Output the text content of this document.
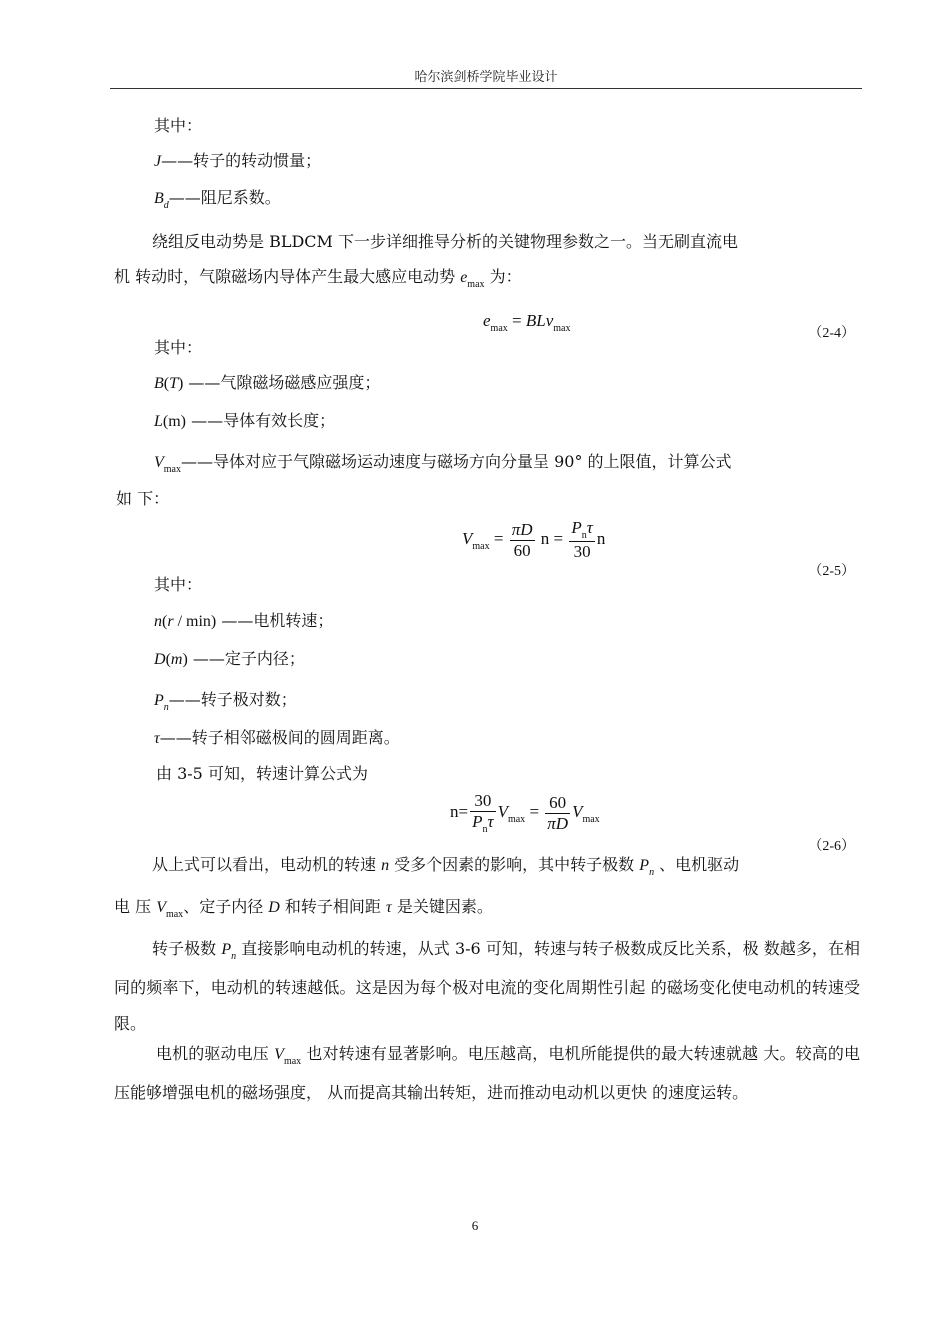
哈尔滨剑桥学院毕业设计
其中：
J——转子的转动惯量；
$B_d——$阻尼系数。
绕组反电动势是 BLDCM 下一步详细推导分析的关键物理参数之一。当无刷直流电
机 转动时，气隙磁场内导体产生最大感应电动势 $e_{max}$ 为：
$e_{max} = BLv_{max}$	（2-4）
其中：
B(T) ——气隙磁场磁感应强度；
L(m) ——导体有效长度；
$V_{max}——$导体对应于气隙磁场运动速度与磁场方向分量呈 90° 的上限值，计算公式
如 下：
$V_{max} = \frac{\pi D}{60}$ $n = \frac{P_n\tau}{30}$ n
（2-5）
其中：
n(r / min) ——电机转速；
D(m) ——定子内径；
$P_n——$转子极对数；
τ——转子相邻磁极间的圆周距离。
由 3-5 可知，转速计算公式为
$n= \frac{30}{P_n\tau} V_{max} = \frac{60}{\pi D} V_{max}$
（2-6）
从上式可以看出，电动机的转速 n 受多个因素的影响，其中转子极数 $P_n$ 、电机驱动
电 压 $V_{max}$、定子内径 D 和转子相间距 τ 是关键因素。
转子极数 $P_n$ 直接影响电动机的转速，从式 3-6 可知，转速与转子极数成反比关系，极 数越多，在相同的频率下，电动机的转速越低。这是因为每个极对电流的变化周期性引起 的磁场变化使电动机的转速受限。
电机的驱动电压 $V_{max}$ 也对转速有显著影响。电压越高，电机所能提供的最大转速就越 大。较高的电压能够增强电机的磁场强度， 从而提高其输出转矩，进而推动电动机以更快 的速度运转。
6
